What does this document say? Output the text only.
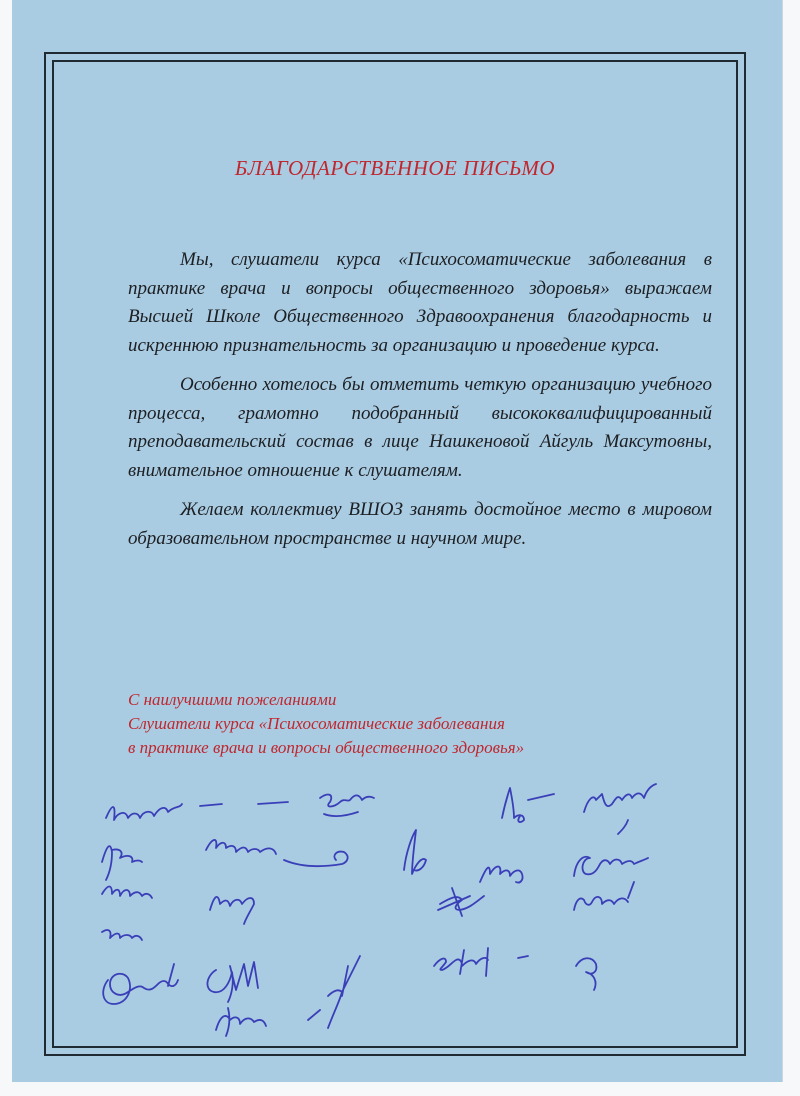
БЛАГОДАРСТВЕННОЕ ПИСЬМО

Мы, слушатели курса «Психосоматические заболевания в практике врача и вопросы общественного здоровья» выражаем Высшей Школе Общественного Здравоохранения благодарность и искреннюю признательность за организацию и проведение курса.

Особенно хотелось бы отметить четкую организацию учебного процесса, грамотно подобранный высококвалифицированный преподавательский состав в лице Нашкеновой Айгуль Максутовны, внимательное отношение к слушателям.

Желаем коллективу ВШОЗ занять достойное место в мировом образовательном пространстве и научном мире.

С наилучшими пожеланиями
Слушатели курса «Психосоматические заболевания
в практике врача и вопросы общественного здоровья»
